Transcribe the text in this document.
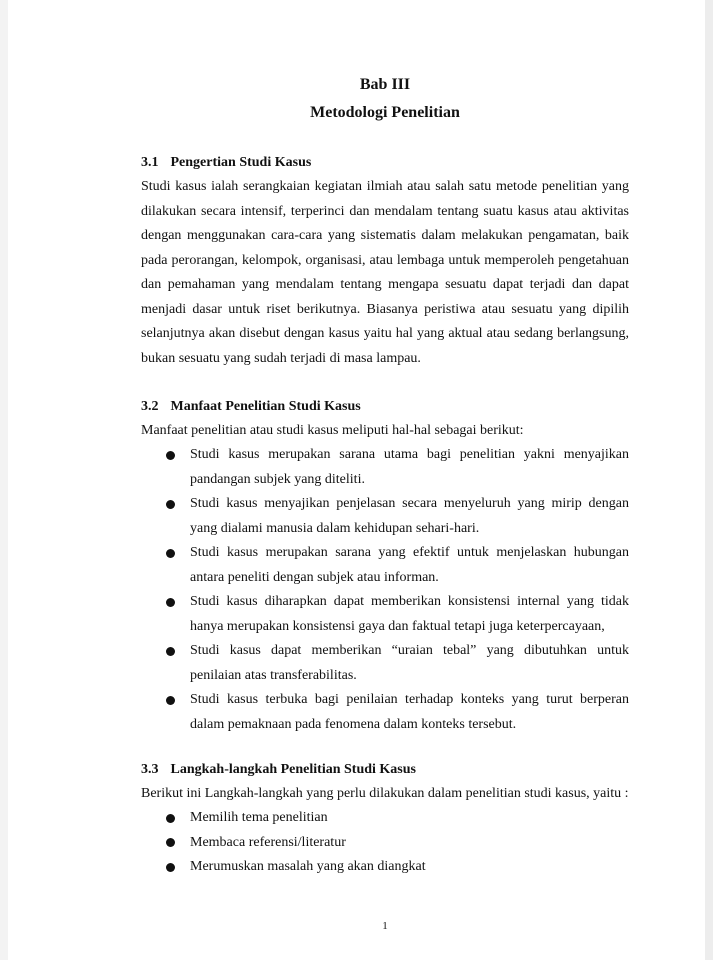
Bab III
Metodologi Penelitian
3.1 Pengertian Studi Kasus

Studi kasus ialah serangkaian kegiatan ilmiah atau salah satu metode penelitian yang dilakukan secara intensif, terperinci dan mendalam tentang suatu kasus atau aktivitas dengan menggunakan cara-cara yang sistematis dalam melakukan pengamatan, baik pada perorangan, kelompok, organisasi, atau lembaga untuk memperoleh pengetahuan dan pemahaman yang mendalam tentang mengapa sesuatu dapat terjadi dan dapat menjadi dasar untuk riset berikutnya. Biasanya peristiwa atau sesuatu yang dipilih selanjutnya akan disebut dengan kasus yaitu hal yang aktual atau sedang berlangsung, bukan sesuatu yang sudah terjadi di masa lampau.

3.2 Manfaat Penelitian Studi Kasus
Manfaat penelitian atau studi kasus meliputi hal-hal sebagai berikut:
Studi kasus merupakan sarana utama bagi penelitian yakni menyajikan pandangan subjek yang diteliti.
Studi kasus menyajikan penjelasan secara menyeluruh yang mirip dengan yang dialami manusia dalam kehidupan sehari-hari.
Studi kasus merupakan sarana yang efektif untuk menjelaskan hubungan antara peneliti dengan subjek atau informan.
Studi kasus diharapkan dapat memberikan konsistensi internal yang tidak hanya merupakan konsistensi gaya dan faktual tetapi juga keterpercayaan,
Studi kasus dapat memberikan “uraian tebal” yang dibutuhkan untuk penilaian atas transferabilitas.
Studi kasus terbuka bagi penilaian terhadap konteks yang turut berperan dalam pemaknaan pada fenomena dalam konteks tersebut.
3.3 Langkah-langkah Penelitian Studi Kasus
Berikut ini Langkah-langkah yang perlu dilakukan dalam penelitian studi kasus, yaitu :
Memilih tema penelitian
Membaca referensi/literatur
Merumuskan masalah yang akan diangkat
1
